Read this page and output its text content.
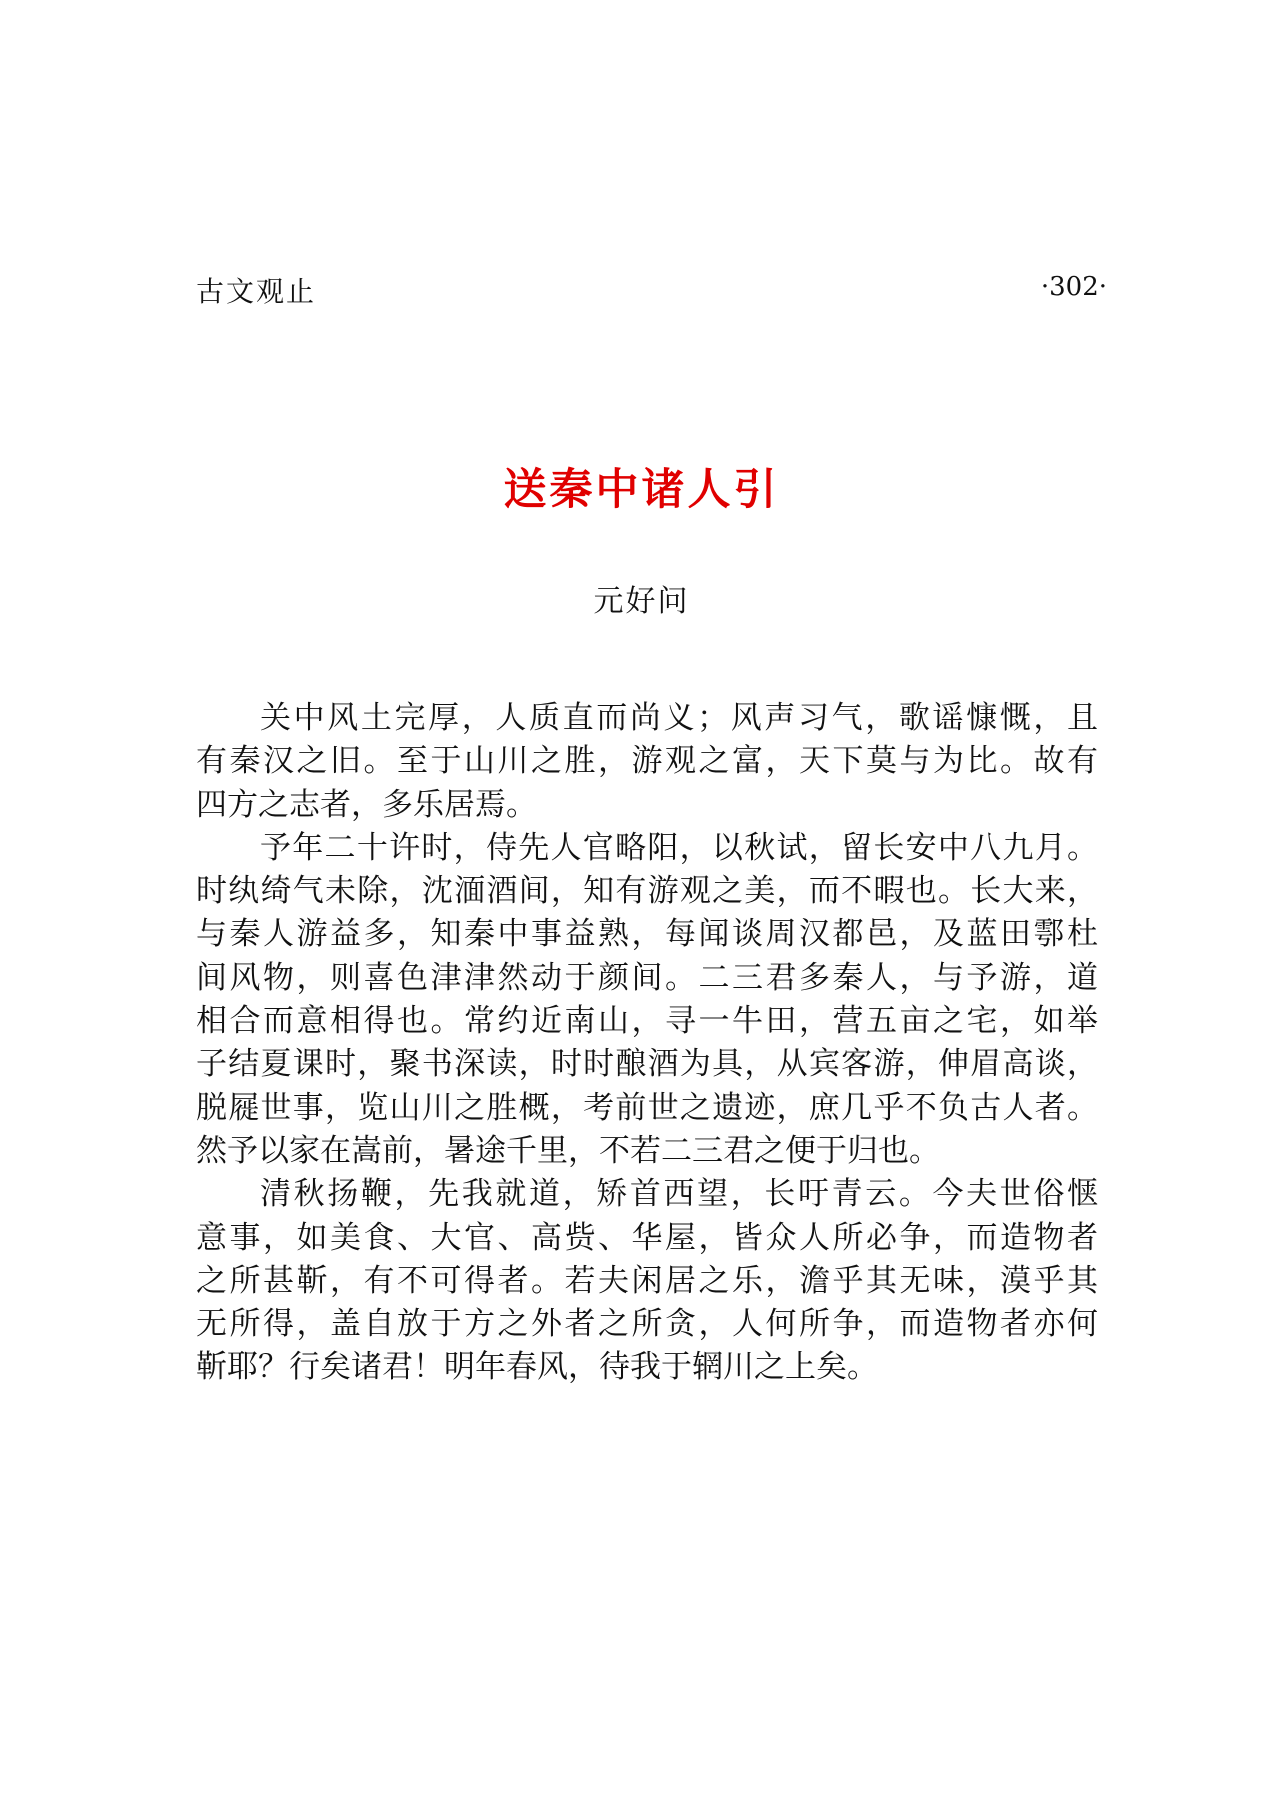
古文观止	·302·
送秦中诸人引
元好问
关中风土完厚，人质直而尚义；风声习气，歌谣慷慨，且
有秦汉之旧。至于山川之胜，游观之富，天下莫与为比。故有
四方之志者，多乐居焉。
予年二十许时，侍先人官略阳，以秋试，留长安中八九月。
时纨绮气未除，沈湎酒间，知有游观之美，而不暇也。长大来，
与秦人游益多，知秦中事益熟，每闻谈周汉都邑，及蓝田鄠杜
间风物，则喜色津津然动于颜间。二三君多秦人，与予游，道
相合而意相得也。常约近南山，寻一牛田，营五亩之宅，如举
子结夏课时，聚书深读，时时酿酒为具，从宾客游，伸眉高谈，
脱屣世事，览山川之胜概，考前世之遗迹，庶几乎不负古人者。
然予以家在嵩前，暑途千里，不若二三君之便于归也。
清秋扬鞭，先我就道，矫首西望，长吁青云。今夫世俗惬
意事，如美食、大官、高赀、华屋，皆众人所必争，而造物者
之所甚靳，有不可得者。若夫闲居之乐，澹乎其无味，漠乎其
无所得，盖自放于方之外者之所贪，人何所争，而造物者亦何
靳耶？行矣诸君！明年春风，待我于辋川之上矣。
